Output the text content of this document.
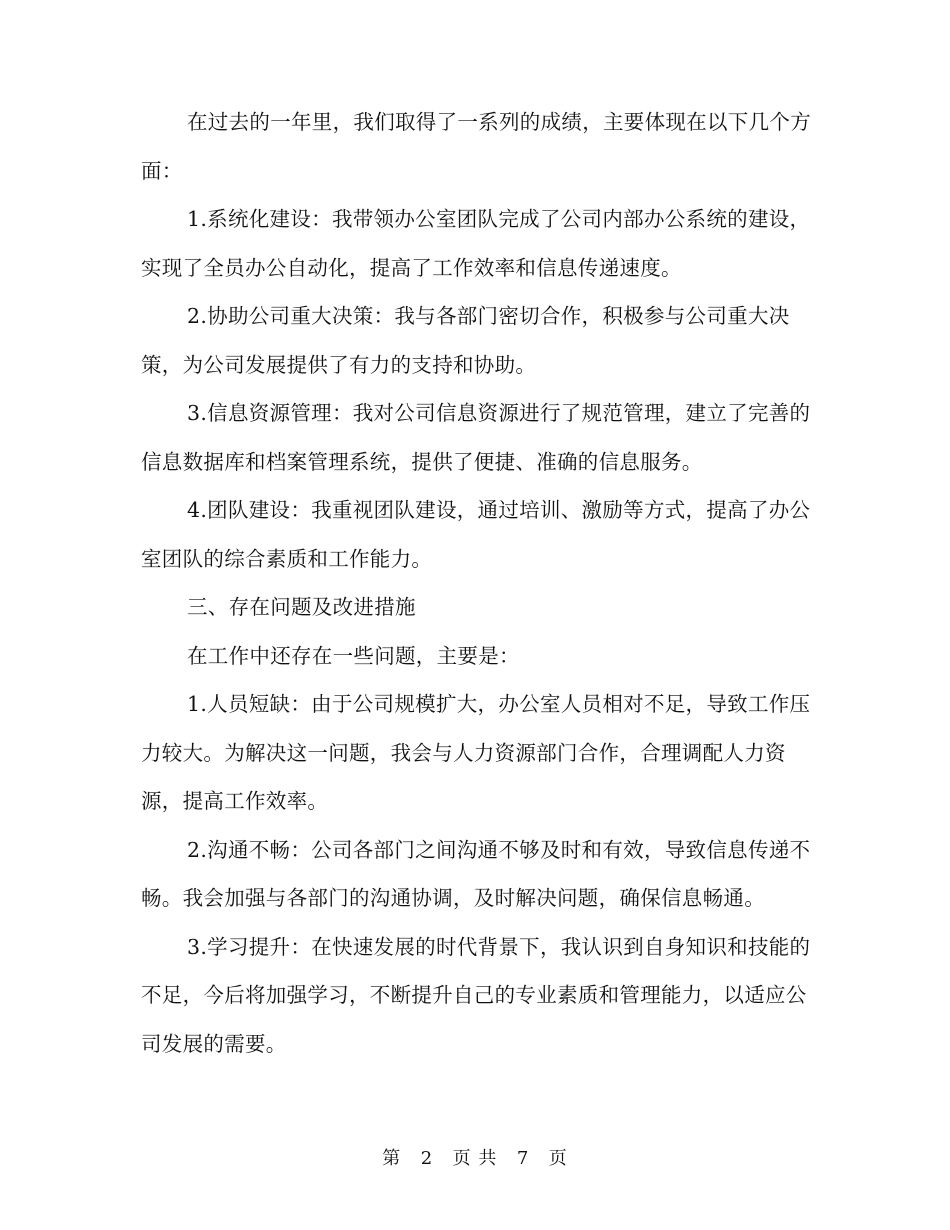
在过去的一年里，我们取得了一系列的成绩，主要体现在以下几个方面：

1.系统化建设：我带领办公室团队完成了公司内部办公系统的建设，实现了全员办公自动化，提高了工作效率和信息传递速度。

2.协助公司重大决策：我与各部门密切合作，积极参与公司重大决策，为公司发展提供了有力的支持和协助。

3.信息资源管理：我对公司信息资源进行了规范管理，建立了完善的信息数据库和档案管理系统，提供了便捷、准确的信息服务。

4.团队建设：我重视团队建设，通过培训、激励等方式，提高了办公室团队的综合素质和工作能力。

三、存在问题及改进措施

在工作中还存在一些问题，主要是：

1.人员短缺：由于公司规模扩大，办公室人员相对不足，导致工作压力较大。为解决这一问题，我会与人力资源部门合作，合理调配人力资源，提高工作效率。

2.沟通不畅：公司各部门之间沟通不够及时和有效，导致信息传递不畅。我会加强与各部门的沟通协调，及时解决问题，确保信息畅通。

3.学习提升：在快速发展的时代背景下，我认识到自身知识和技能的不足，今后将加强学习，不断提升自己的专业素质和管理能力，以适应公司发展的需要。

第 2 页 共 7 页
